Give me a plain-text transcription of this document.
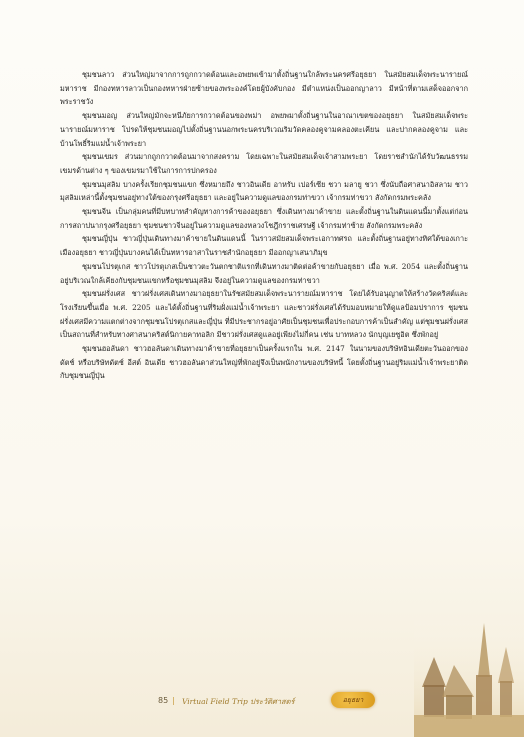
ชุมชนลาว ส่วนใหญ่มาจากการถูกกวาดต้อนและอพยพเข้ามาตั้งถิ่นฐานใกล้พระนครศรีอยุธยา ในสมัยสมเด็จพระนารายณ์มหาราช มีกองทหารลาวเป็นกองทหารฝ่ายซ้ายของพระองค์โดยผู้บังคับกอง มีตำแหน่งเป็นออกญาลาว มีหน้าที่ตามเสด็จออกจากพระราชวัง

ชุมชนมอญ ส่วนใหญ่มักจะหนีภัยการกวาดต้อนของพม่า อพยพมาตั้งถิ่นฐานในอาณาเขตของอยุธยา ในสมัยสมเด็จพระนารายณ์มหาราช โปรดให้ชุมชนมอญไปตั้งถิ่นฐานนอกพระนครบริเวณริมวัดคลองคูจามคลองตะเคียน และปากคลองคูจาม และบ้านโพธิ์ริมแม่น้ำเจ้าพระยา

ชุมชนเขมร ส่วนมากถูกกวาดต้อนมาจากสงคราม โดยเฉพาะในสมัยสมเด็จเจ้าสามพระยา โดยราชสำนักได้รับวัฒนธรรมเขมรด้านต่าง ๆ ของเขมรมาใช้ในการการปกครอง

ชุมชนมุสลิม บางครั้งเรียกชุมชนแขก ซึ่งหมายถึง ชาวอินเดีย อาหรับ เปอร์เซีย ชวา มลายู ชวา ซึ่งนับถือศาสนาอิสลาม ชาวมุสลิมเหล่านี้ตั้งชุมชนอยู่ทางใต้ของกรุงศรีอยุธยา และอยู่ในความดูแลของกรมท่าขวา เจ้ากรมท่าขวา สังกัดกรมพระคลัง

ชุมชนจีน เป็นกลุ่มคนที่มีบทบาทสำคัญทางการค้าของอยุธยา ซึ่งเดินทางมาค้าขาย และตั้งถิ่นฐานในดินแดนนี้มาตั้งแต่ก่อนการสถาปนากรุงศรีอยุธยา ชุมชนชาวจีนอยู่ในความดูแลของหลวงโชฎึกราชเศรษฐี เจ้ากรมท่าซ้าย สังกัดกรมพระคลัง

ชุมชนญี่ปุ่น ชาวญี่ปุ่นเดินทางมาค้าขายในดินแดนนี้ ในราวสมัยสมเด็จพระเอกาทศรถ และตั้งถิ่นฐานอยู่ทางทิศใต้ของเกาะเมืองอยุธยา ชาวญี่ปุ่นบางคนได้เป็นทหารอาสาในราชสำนักอยุธยา มีออกญาเสนาภิมุข

ชุมชนโปรตุเกส ชาวโปรตุเกสเป็นชาวตะวันตกชาติแรกที่เดินทางมาติดต่อค้าขายกับอยุธยา เมื่อ พ.ศ. 2054 และตั้งถิ่นฐานอยู่บริเวณใกล้เคียงกับชุมชนแขกหรือชุมชนมุสลิม จึงอยู่ในความดูแลของกรมท่าขวา

ชุมชนฝรั่งเศส ชาวฝรั่งเศสเดินทางมาอยุธยาในรัชสมัยสมเด็จพระนารายณ์มหาราช โดยได้รับอนุญาตให้สร้างวัดคริสต์และโรงเรียนขึ้นเมื่อ พ.ศ. 2205 และได้ตั้งถิ่นฐานที่ริมฝั่งแม่น้ำเจ้าพระยา และชาวฝรั่งเศสได้รับมอบหมายให้ดูแลป้อมปราการ ชุมชนฝรั่งเศสมีความแตกต่างจากชุมชนโปรตุเกสและญี่ปุ่น ที่มีประชากรอยู่อาศัยเป็นชุมชนเพื่อประกอบการค้าเป็นสำคัญ แต่ชุมชนฝรั่งเศสเป็นสถานที่สำหรับทางศาสนาคริสต์นิกายคาทอลิก มีชาวฝรั่งเศสดูแลอยู่เพียงไม่กี่คน เช่น บาทหลวง นักบุญเยซูอิต ซึ่งพักอยู่

ชุมชนฮอลันดา ชาวฮอลันดาเดินทางมาค้าขายที่อยุธยาเป็นครั้งแรกใน พ.ศ. 2147 ในนามของบริษัทอินเดียตะวันออกของดัตช์ หรือบริษัทดัตช์ อีสต์ อินเดีย ชาวฮอลันดาส่วนใหญ่ที่พักอยู่จึงเป็นพนักงานของบริษัทนี้ โดยตั้งถิ่นฐานอยู่ริมแม่น้ำเจ้าพระยาติดกับชุมชนญี่ปุ่น

85 | Virtual Field Trip ประวัติศาสตร์	อยุธยา
